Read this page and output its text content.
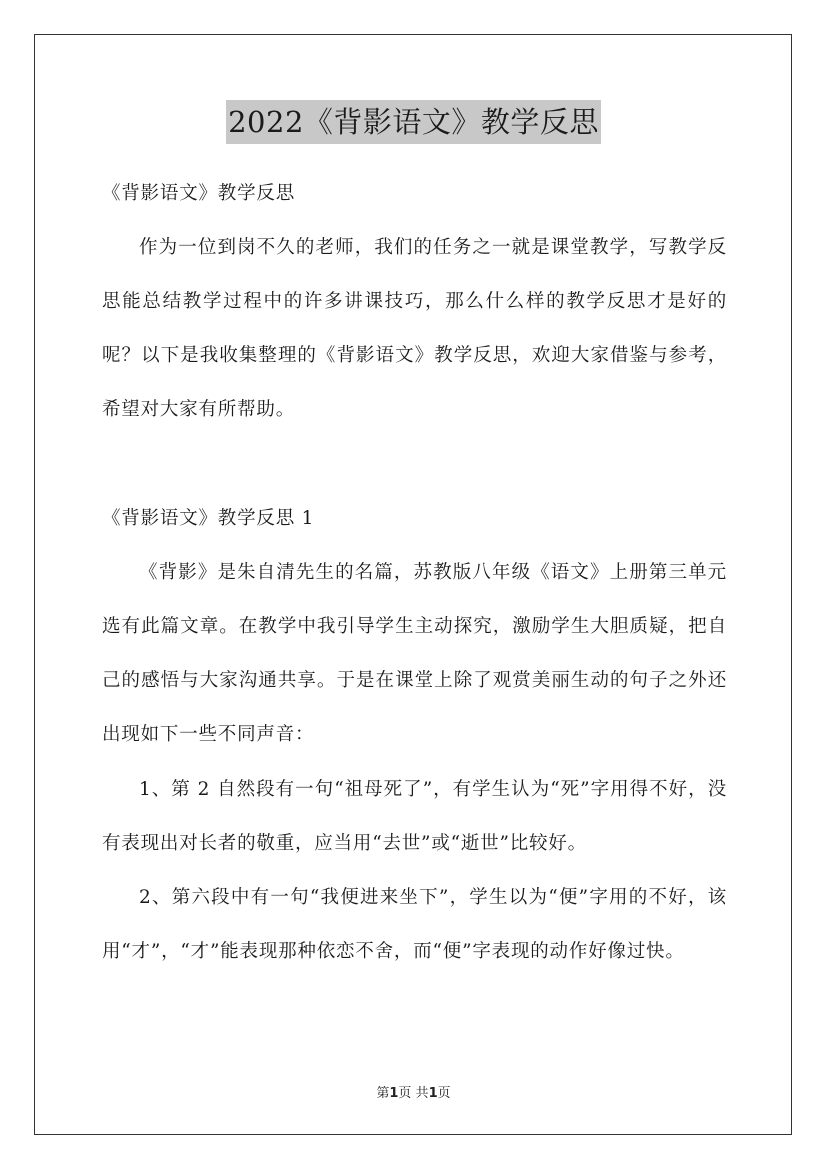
2022《背影语文》教学反思

《背影语文》教学反思

作为一位到岗不久的老师，我们的任务之一就是课堂教学，写教学反思能总结教学过程中的许多讲课技巧，那么什么样的教学反思才是好的呢？以下是我收集整理的《背影语文》教学反思，欢迎大家借鉴与参考，希望对大家有所帮助。

《背影语文》教学反思 1

《背影》是朱自清先生的名篇，苏教版八年级《语文》上册第三单元选有此篇文章。在教学中我引导学生主动探究，激励学生大胆质疑，把自己的感悟与大家沟通共享。于是在课堂上除了观赏美丽生动的句子之外还出现如下一些不同声音：

1、第 2 自然段有一句“祖母死了”，有学生认为“死”字用得不好，没有表现出对长者的敬重，应当用“去世”或“逝世”比较好。

2、第六段中有一句“我便进来坐下”，学生以为“便”字用的不好，该用“才”，“才”能表现那种依恋不舍，而“便”字表现的动作好像过快。

第1页 共1页
